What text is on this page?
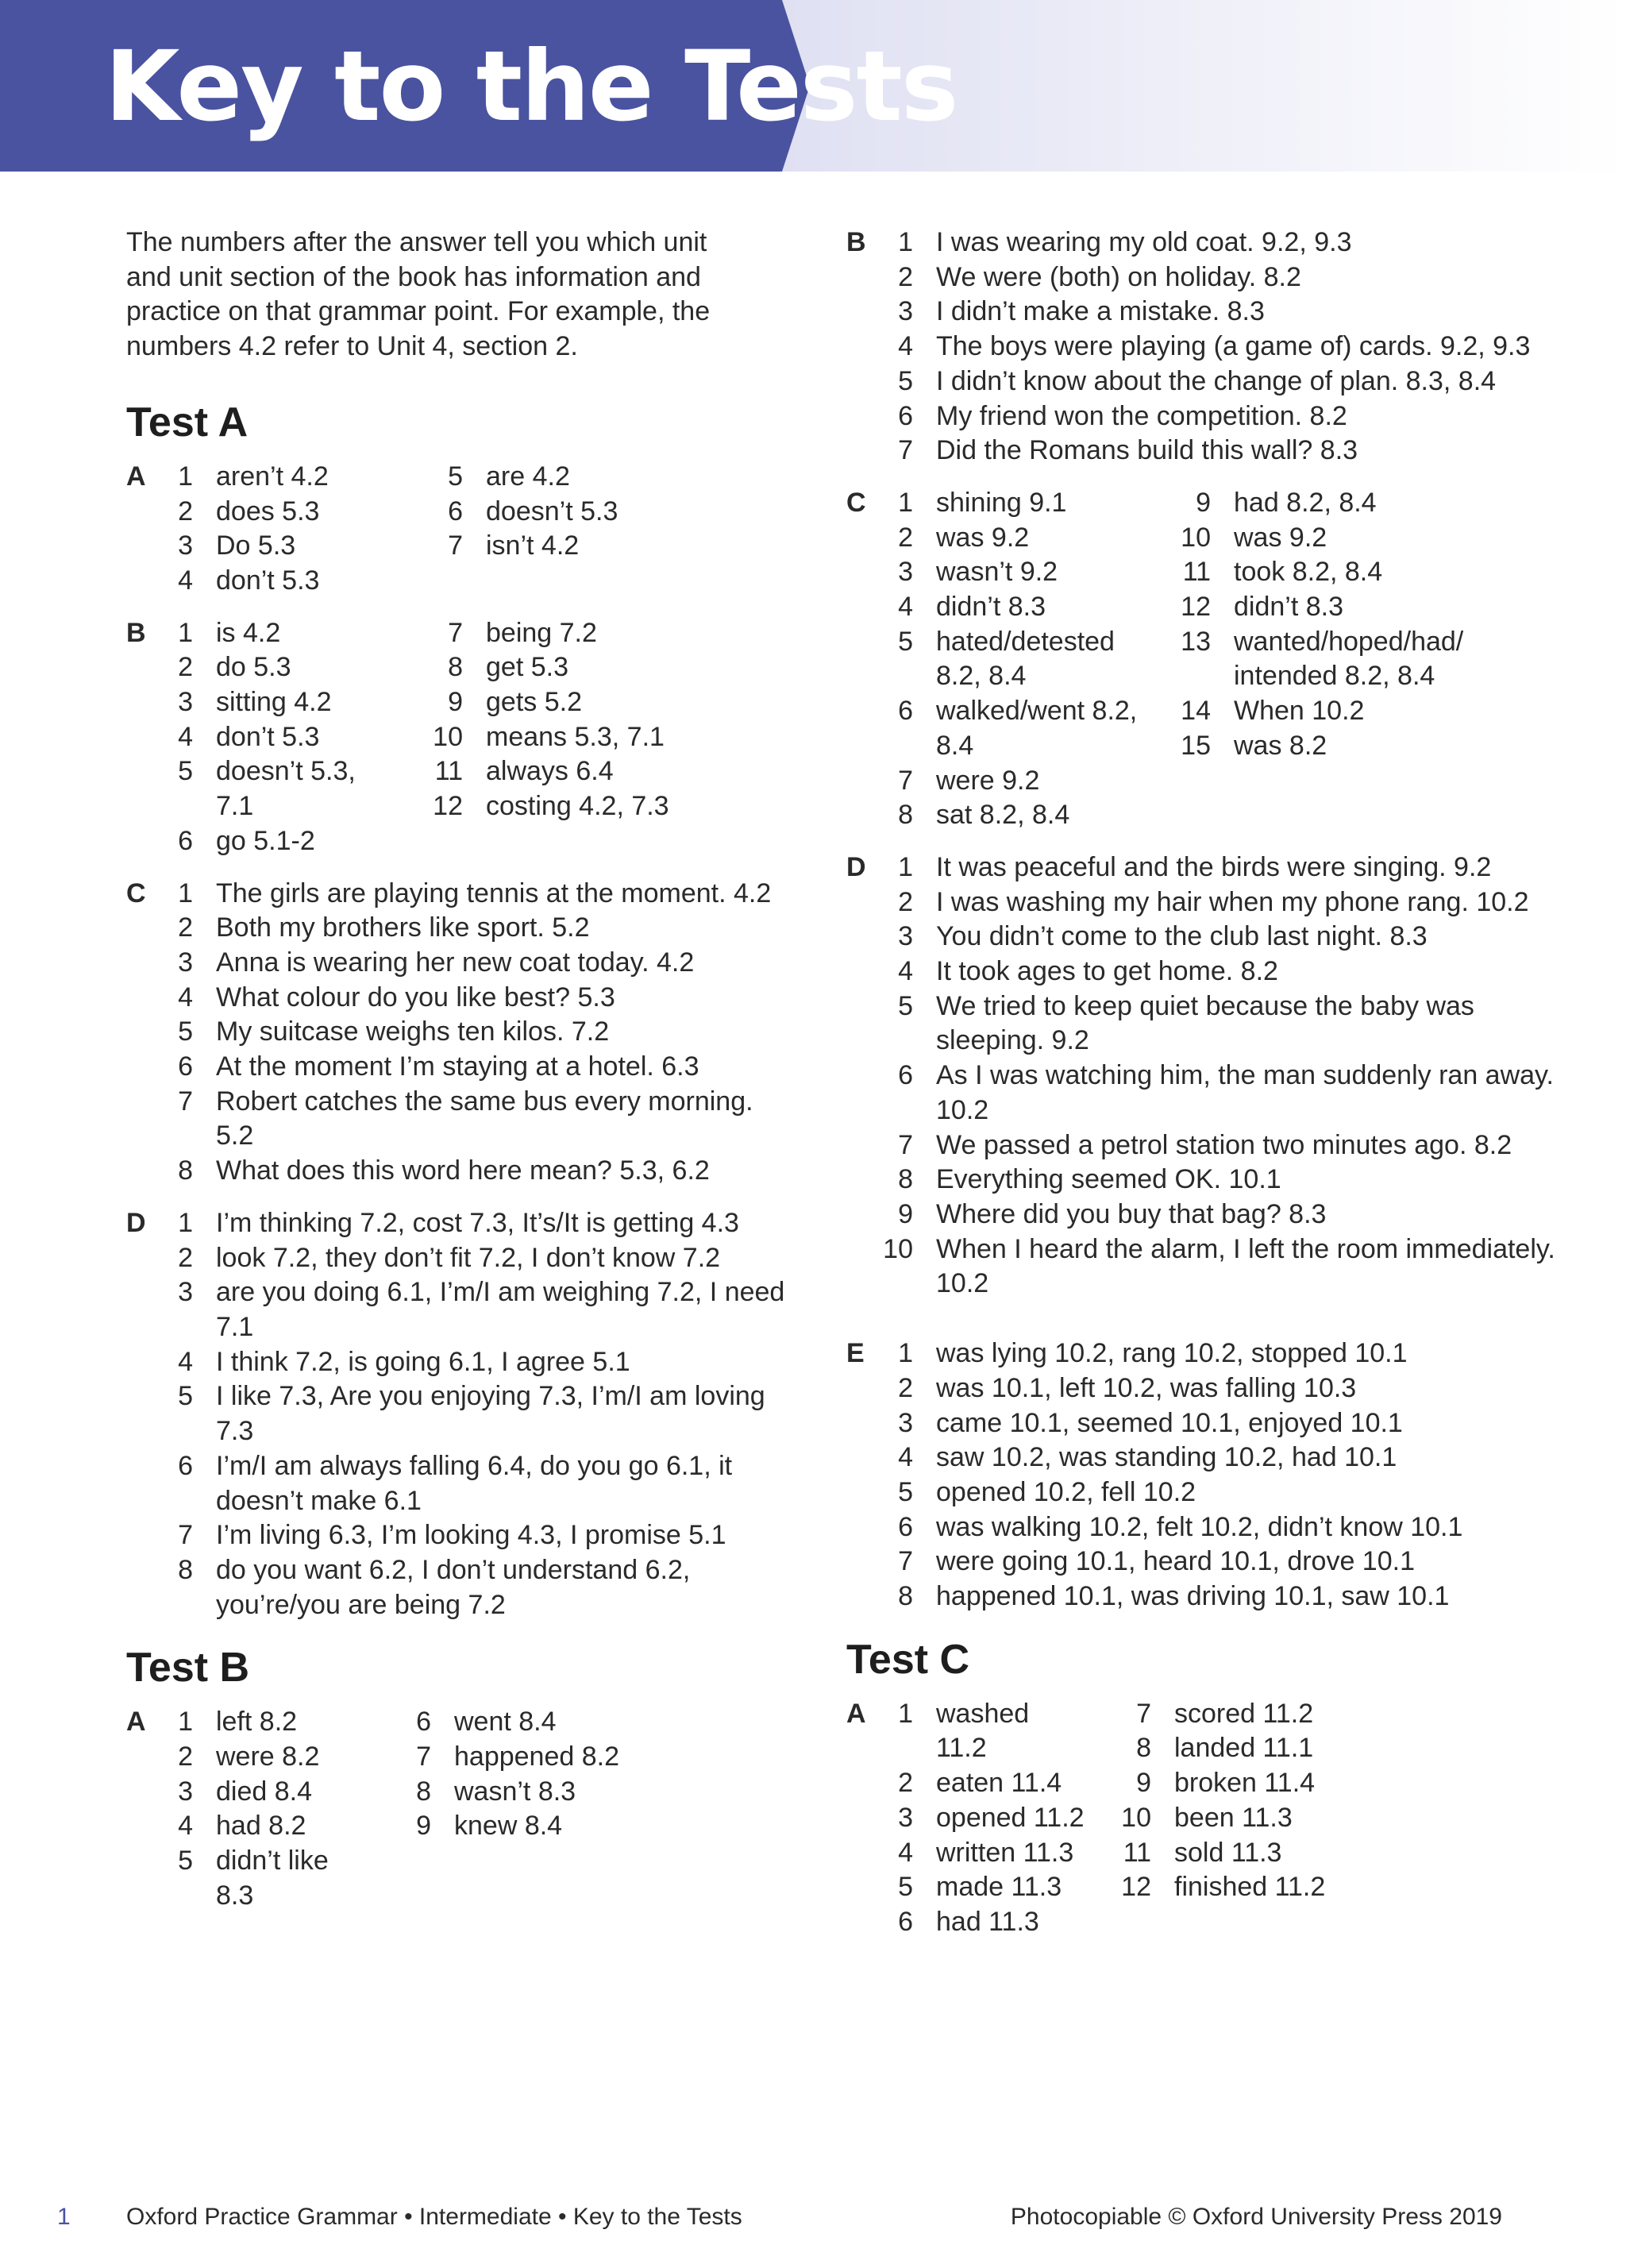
Key to the Tests

The numbers after the answer tell you which unit and unit section of the book has information and practice on that grammar point. For example, the numbers 4.2 refer to Unit 4, section 2.

Test A
A	1 aren’t 4.2
2 does 5.3
3 Do 5.3
4 don’t 5.3
5 are 4.2
6 doesn’t 5.3
7 isn’t 4.2
B	1 is 4.2
2 do 5.3
3 sitting 4.2
4 don’t 5.3
5 doesn’t 5.3, 7.1
6 go 5.1-2
7 being 7.2
8 get 5.3
9 gets 5.2
10 means 5.3, 7.1
11 always 6.4
12 costing 4.2, 7.3
C	1 The girls are playing tennis at the moment. 4.2
2 Both my brothers like sport. 5.2
3 Anna is wearing her new coat today. 4.2
4 What colour do you like best? 5.3
5 My suitcase weighs ten kilos. 7.2
6 At the moment I’m staying at a hotel. 6.3
7 Robert catches the same bus every morning. 5.2
8 What does this word here mean? 5.3, 6.2
D	1 I’m thinking 7.2, cost 7.3, It’s/It is getting 4.3
2 look 7.2, they don’t fit 7.2, I don’t know 7.2
3 are you doing 6.1, I’m/I am weighing 7.2, I need 7.1
4 I think 7.2, is going 6.1, I agree 5.1
5 I like 7.3, Are you enjoying 7.3, I’m/I am loving 7.3
6 I’m/I am always falling 6.4, do you go 6.1, it doesn’t make 6.1
7 I’m living 6.3, I’m looking 4.3, I promise 5.1
8 do you want 6.2, I don’t understand 6.2, you’re/you are being 7.2
Test B
A	1 left 8.2
2 were 8.2
3 died 8.4
4 had 8.2
5 didn’t like 8.3
6 went 8.4
7 happened 8.2
8 wasn’t 8.3
9 knew 8.4
B	1 I was wearing my old coat. 9.2, 9.3
2 We were (both) on holiday. 8.2
3 I didn’t make a mistake. 8.3
4 The boys were playing (a game of) cards. 9.2, 9.3
5 I didn’t know about the change of plan. 8.3, 8.4
6 My friend won the competition. 8.2
7 Did the Romans build this wall? 8.3
C	1 shining 9.1
2 was 9.2
3 wasn’t 9.2
4 didn’t 8.3
5 hated/detested 8.2, 8.4
6 walked/went 8.2, 8.4
7 were 9.2
8 sat 8.2, 8.4
9 had 8.2, 8.4
10 was 9.2
11 took 8.2, 8.4
12 didn’t 8.3
13 wanted/hoped/had/ intended 8.2, 8.4
14 When 10.2
15 was 8.2
D	1 It was peaceful and the birds were singing. 9.2
2 I was washing my hair when my phone rang. 10.2
3 You didn’t come to the club last night. 8.3
4 It took ages to get home. 8.2
5 We tried to keep quiet because the baby was sleeping. 9.2
6 As I was watching him, the man suddenly ran away. 10.2
7 We passed a petrol station two minutes ago. 8.2
8 Everything seemed OK. 10.1
9 Where did you buy that bag? 8.3
10 When I heard the alarm, I left the room immediately. 10.2
E	1 was lying 10.2, rang 10.2, stopped 10.1
2 was 10.1, left 10.2, was falling 10.3
3 came 10.1, seemed 10.1, enjoyed 10.1
4 saw 10.2, was standing 10.2, had 10.1
5 opened 10.2, fell 10.2
6 was walking 10.2, felt 10.2, didn’t know 10.1
7 were going 10.1, heard 10.1, drove 10.1
8 happened 10.1, was driving 10.1, saw 10.1
Test C
A	1 washed 11.2
2 eaten 11.4
3 opened 11.2
4 written 11.3
5 made 11.3
6 had 11.3
7 scored 11.2
8 landed 11.1
9 broken 11.4
10 been 11.3
11 sold 11.3
12 finished 11.2
1 Oxford Practice Grammar • Intermediate • Key to the Tests	Photocopiable © Oxford University Press 2019
